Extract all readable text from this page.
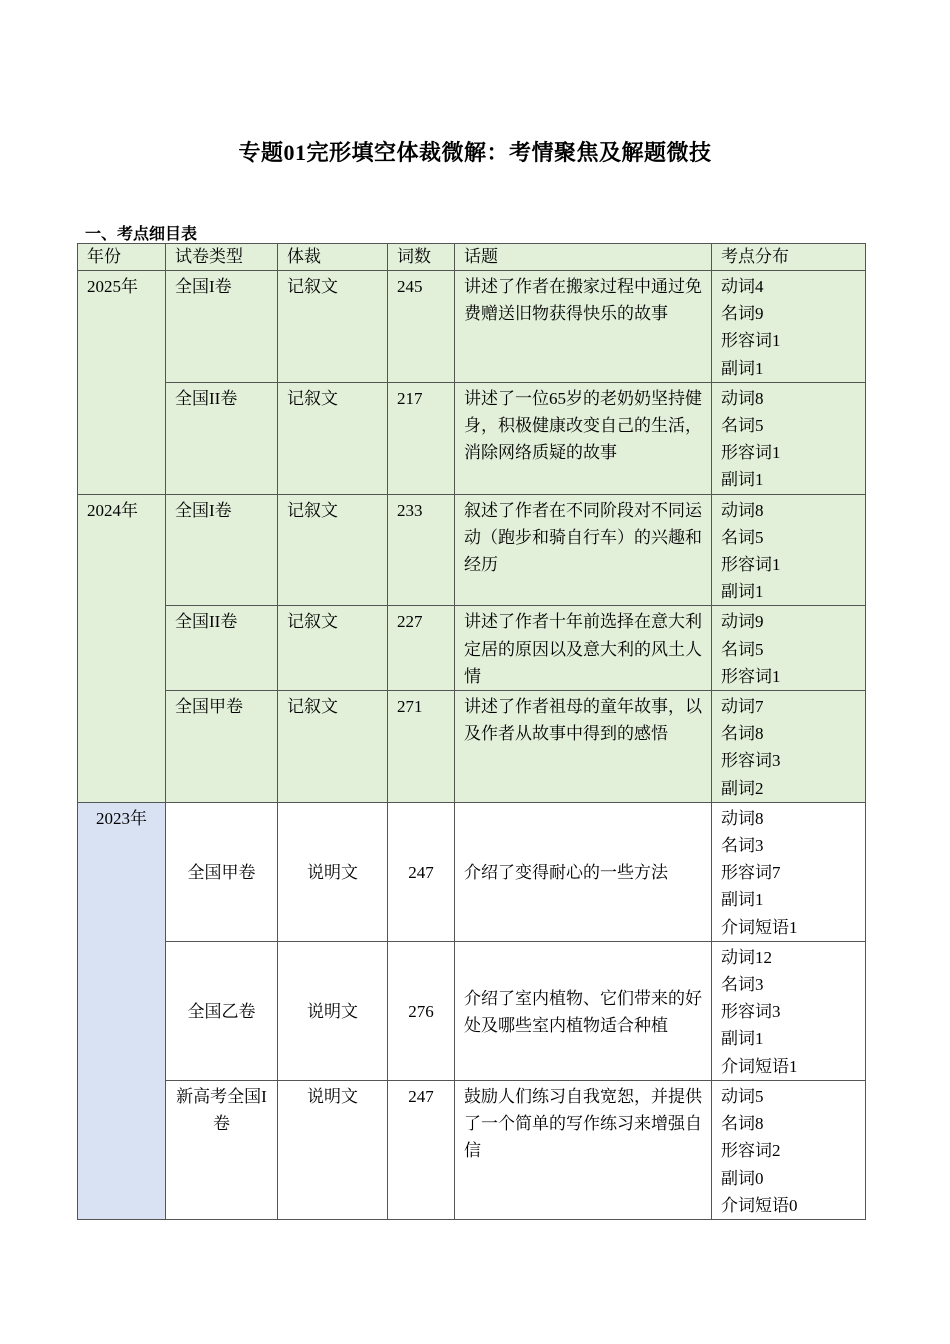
专题01完形填空体裁微解：考情聚焦及解题微技
一、考点细目表
年份	试卷类型	体裁	词数	话题	考点分布
2025年	全国I卷	记叙文	245	讲述了作者在搬家过程中通过免费赠送旧物获得快乐的故事	动词4
名词9
形容词1
副词1

	全国II卷	记叙文	217	讲述了一位65岁的老奶奶坚持健身，积极健康改变自己的生活，消除网络质疑的故事	动词8
名词5
形容词1
副词1

2024年	全国I卷	记叙文	233	叙述了作者在不同阶段对不同运动（跑步和骑自行车）的兴趣和经历	动词8
名词5
形容词1
副词1

	全国II卷	记叙文	227	讲述了作者十年前选择在意大利定居的原因以及意大利的风土人情	动词9
名词5
形容词1

	全国甲卷	记叙文	271	讲述了作者祖母的童年故事，以及作者从故事中得到的感悟	动词7
名词8
形容词3
副词2

2023年	全国甲卷	说明文	247	介绍了变得耐心的一些方法	动词8
名词3
形容词7
副词1
介词短语1

	全国乙卷	说明文	276	介绍了室内植物、它们带来的好处及哪些室内植物适合种植	动词12
名词3
形容词3
副词1
介词短语1

	新高考全国I卷	说明文	247	鼓励人们练习自我宽恕，并提供了一个简单的写作练习来增强自信	动词5
名词8
形容词2
副词0
介词短语0
